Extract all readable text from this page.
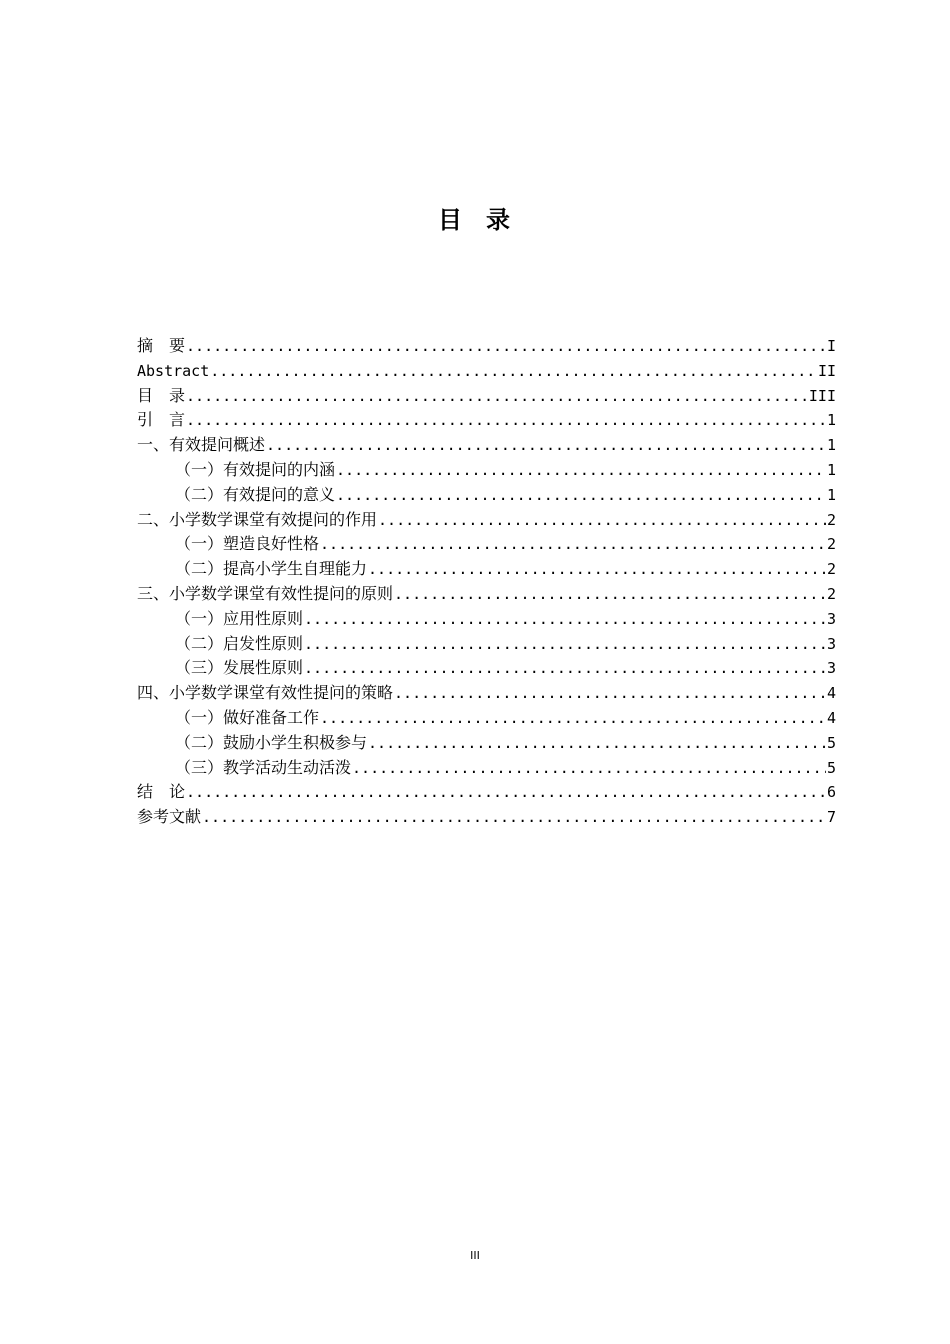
目 录
摘　要 .....	I
Abstract .....	II
目　录 .....	III
引　言 .....	1
一、有效提问概述 .....	1
（一）有效提问的内涵 .....	1
（二）有效提问的意义 .....	1
二、小学数学课堂有效提问的作用 .....	2
（一）塑造良好性格 .....	2
（二）提高小学生自理能力 .....	2
三、小学数学课堂有效性提问的原则 .....	2
（一）应用性原则 .....	3
（二）启发性原则 .....	3
（三）发展性原则 .....	3
四、小学数学课堂有效性提问的策略 .....	4
（一）做好准备工作 .....	4
（二）鼓励小学生积极参与 .....	5
（三）教学活动生动活泼 .....	5
结　论 .....	6
参考文献 .....	7
III
